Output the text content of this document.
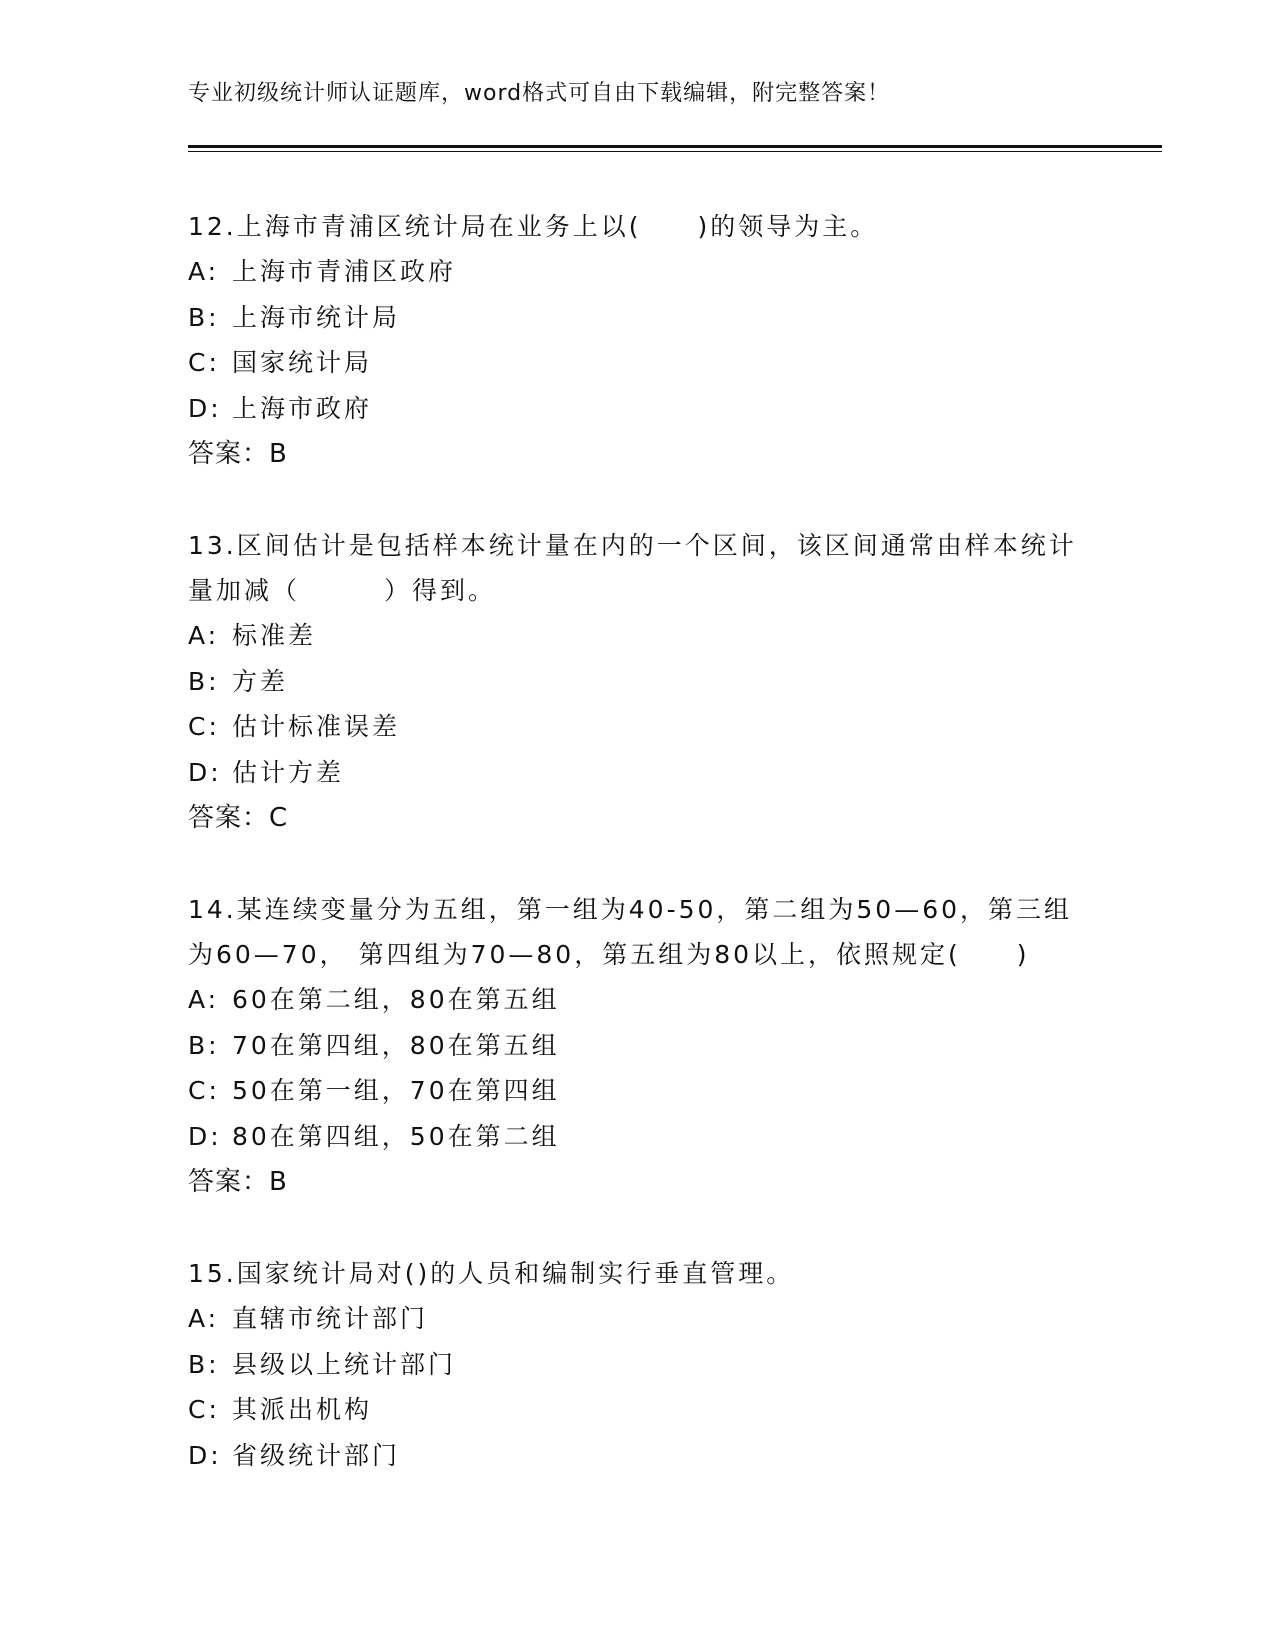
专业初级统计师认证题库，word格式可自由下载编辑，附完整答案！

12.上海市青浦区统计局在业务上以(　　)的领导为主。

A: 上海市青浦区政府

B: 上海市统计局

C: 国家统计局

D: 上海市政府

答案：B

13.区间估计是包括样本统计量在内的一个区间，该区间通常由样本统计量加减（　　　）得到。

A: 标准差

B: 方差

C: 估计标准误差

D: 估计方差

答案：C

14.某连续变量分为五组，第一组为40-50，第二组为50—60，第三组为60—70， 第四组为70—80，第五组为80以上，依照规定(　　)

A: 60在第二组，80在第五组

B: 70在第四组，80在第五组

C: 50在第一组，70在第四组

D: 80在第四组，50在第二组

答案：B

15.国家统计局对()的人员和编制实行垂直管理。

A: 直辖市统计部门

B: 县级以上统计部门

C: 其派出机构

D: 省级统计部门
